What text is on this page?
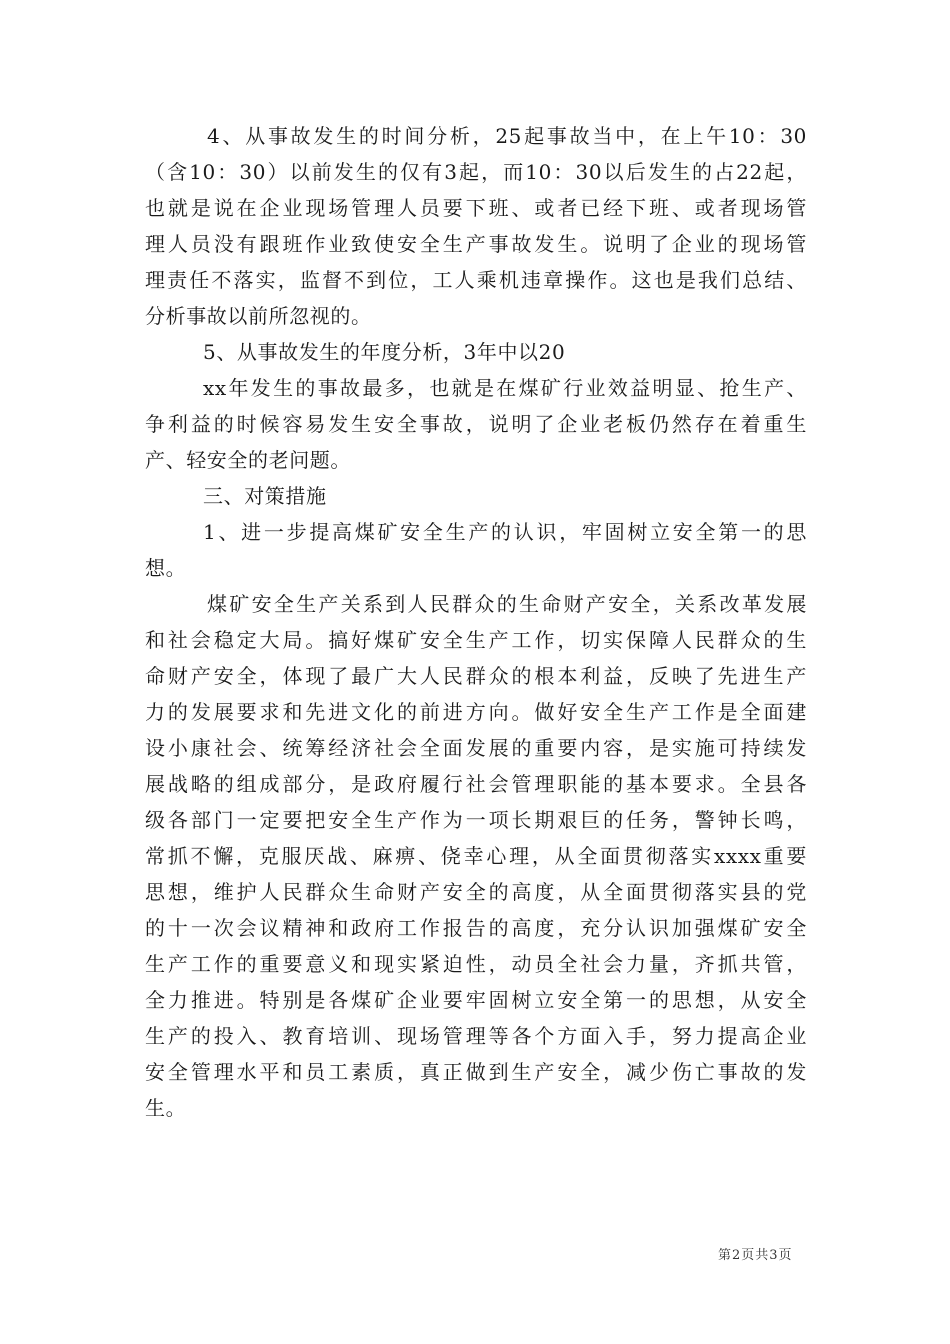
4、从事故发生的时间分析，25起事故当中，在上午10：30
（含10：30）以前发生的仅有3起，而10：30以后发生的占22起，
也就是说在企业现场管理人员要下班、或者已经下班、或者现场管
理人员没有跟班作业致使安全生产事故发生。说明了企业的现场管
理责任不落实，监督不到位，工人乘机违章操作。这也是我们总结、
分析事故以前所忽视的。
5、从事故发生的年度分析，3年中以20
xx年发生的事故最多，也就是在煤矿行业效益明显、抢生产、
争利益的时候容易发生安全事故，说明了企业老板仍然存在着重生
产、轻安全的老问题。
三、对策措施
1、进一步提高煤矿安全生产的认识，牢固树立安全第一的思
想。
煤矿安全生产关系到人民群众的生命财产安全，关系改革发展
和社会稳定大局。搞好煤矿安全生产工作，切实保障人民群众的生
命财产安全，体现了最广大人民群众的根本利益，反映了先进生产
力的发展要求和先进文化的前进方向。做好安全生产工作是全面建
设小康社会、统筹经济社会全面发展的重要内容，是实施可持续发
展战略的组成部分，是政府履行社会管理职能的基本要求。全县各
级各部门一定要把安全生产作为一项长期艰巨的任务，警钟长鸣，
常抓不懈，克服厌战、麻痹、侥幸心理，从全面贯彻落实xxxx重要
思想，维护人民群众生命财产安全的高度，从全面贯彻落实县的党
的十一次会议精神和政府工作报告的高度，充分认识加强煤矿安全
生产工作的重要意义和现实紧迫性，动员全社会力量，齐抓共管，
全力推进。特别是各煤矿企业要牢固树立安全第一的思想，从安全
生产的投入、教育培训、现场管理等各个方面入手，努力提高企业
安全管理水平和员工素质，真正做到生产安全，减少伤亡事故的发
生。
第2页共3页
